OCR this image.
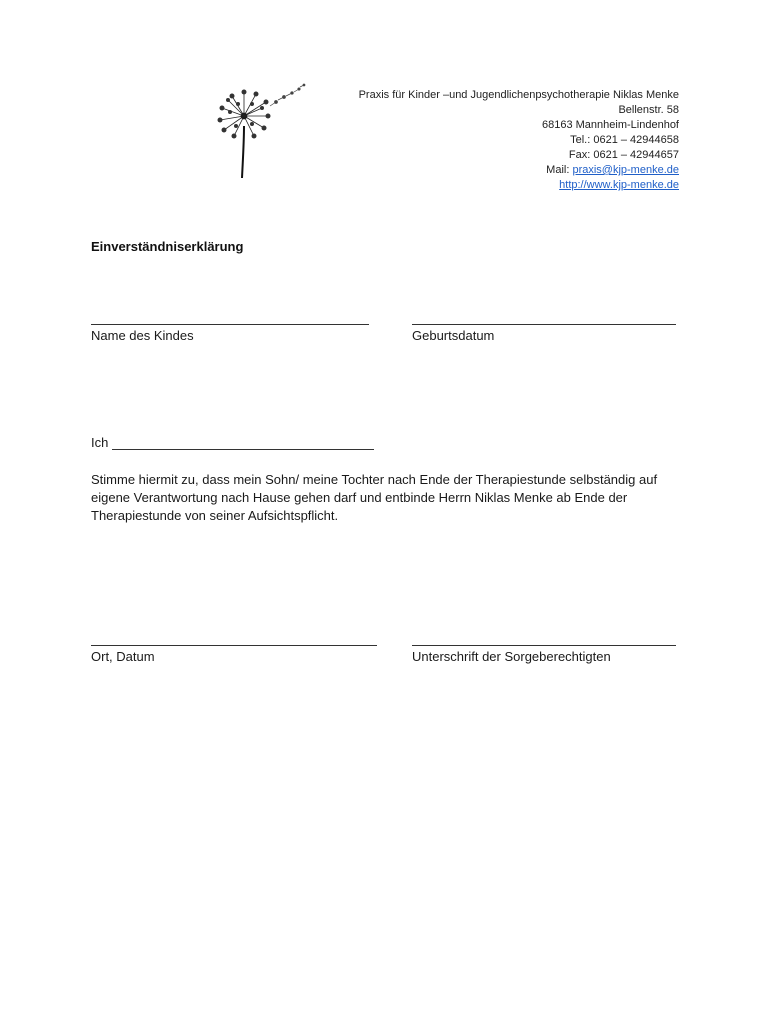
Praxis für Kinder –und Jugendlichenpsychotherapie Niklas Menke
Bellenstr. 58
68163 Mannheim-Lindenhof
Tel.: 0621 – 42944658
Fax: 0621 – 42944657
Mail: praxis@kjp-menke.de
http://www.kjp-menke.de
Einverständniserklärung
Name des Kindes	Geburtsdatum
Ich
Stimme hiermit zu, dass mein Sohn/ meine Tochter nach Ende der Therapiestunde selbständig auf eigene Verantwortung nach Hause gehen darf und entbinde Herrn Niklas Menke ab Ende der Therapiestunde von seiner Aufsichtspflicht.
Ort, Datum	Unterschrift der Sorgeberechtigten
